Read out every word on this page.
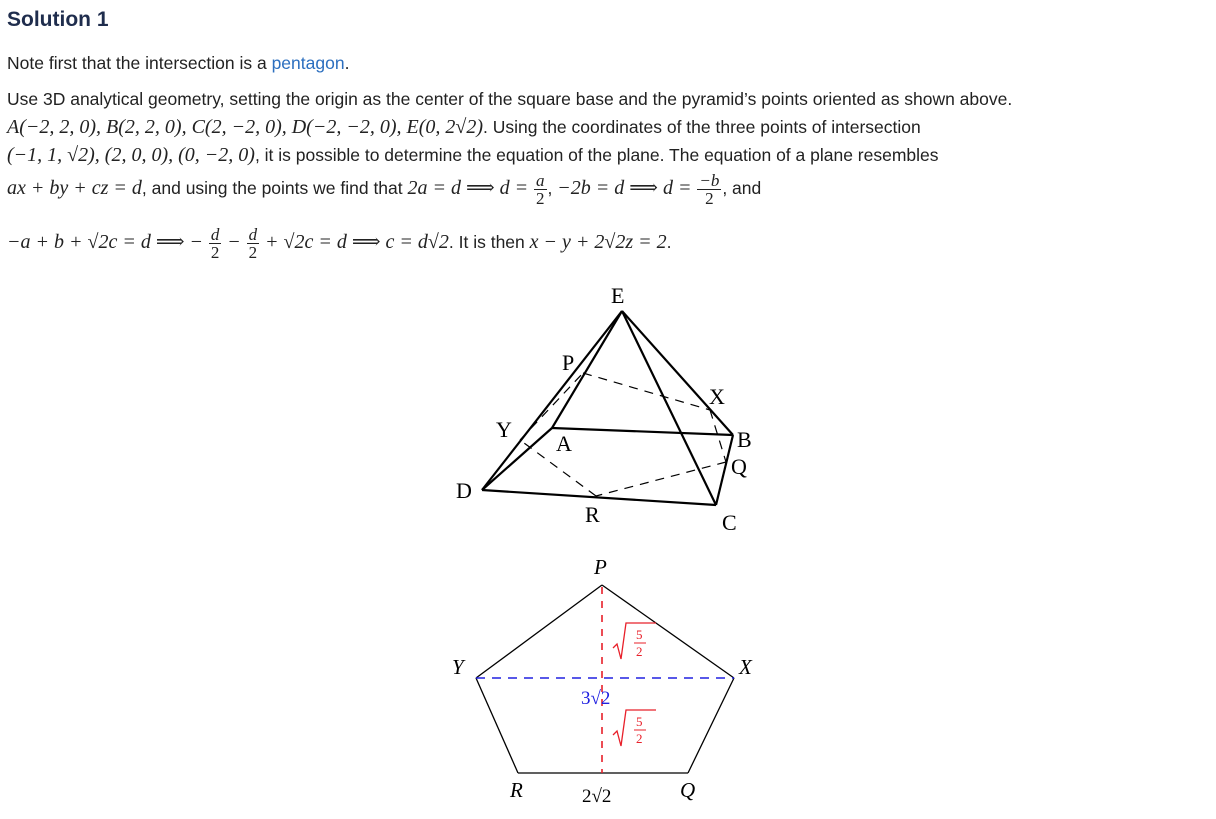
Solution 1
Note first that the intersection is a pentagon.
Use 3D analytical geometry, setting the origin as the center of the square base and the pyramid’s points oriented as shown above.
A(−2, 2, 0), B(2, 2, 0), C(2, −2, 0), D(−2, −2, 0), E(0, 2√2). Using the coordinates of the three points of intersection
(−1, 1, √2), (2, 0, 0), (0, −2, 0), it is possible to determine the equation of the plane. The equation of a plane resembles
ax + by + cz = d, and using the points we find that 2a = d ⟹ $d = \frac{a}{2}$ , −2b = d ⟹ $d = \frac{-b}{2}$ , and
−a + b + √2c = d ⟹ − $\frac{d}{2} - \frac{d}{2} + √2c = d$ ⟹ c = d√2. It is then x − y + 2√2z = 2.
E
P
X
Y
A	B
Q
D
R	C
P
X
Y
R	Q
5
2
5
2
3√2
2√2
